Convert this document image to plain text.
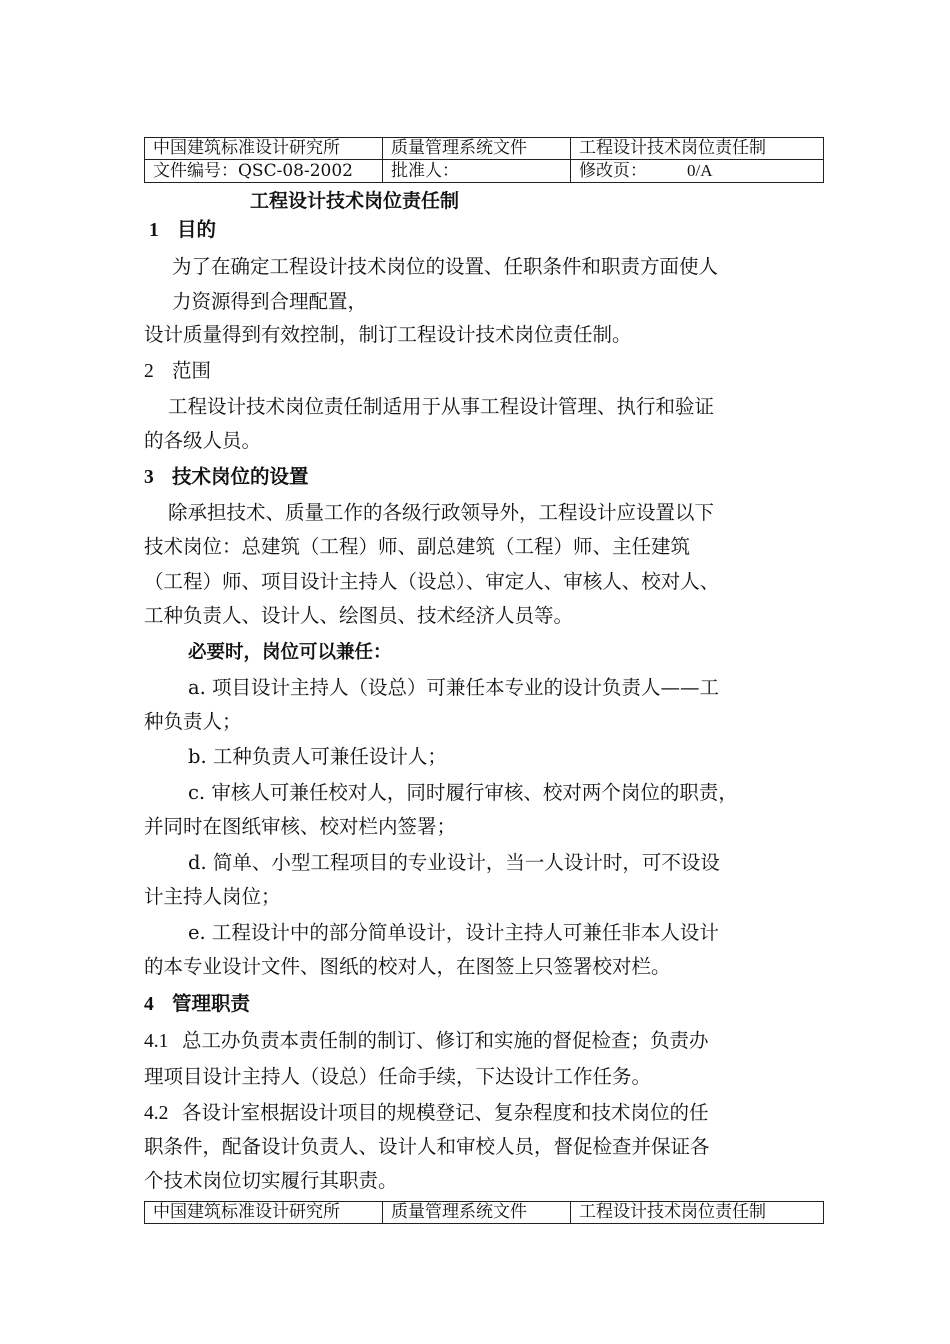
中国建筑标准设计研究所	质量管理系统文件	工程设计技术岗位责任制
文件编号：QSC-08-2002	批准人：	修改页： 0/A
工程设计技术岗位责任制
1 目的
为了在确定工程设计技术岗位的设置、任职条件和职责方面使人
力资源得到合理配置，
设计质量得到有效控制，制订工程设计技术岗位责任制。
2 范围
工程设计技术岗位责任制适用于从事工程设计管理、执行和验证
的各级人员。
3 技术岗位的设置
除承担技术、质量工作的各级行政领导外，工程设计应设置以下
技术岗位：总建筑（工程）师、副总建筑（工程）师、主任建筑
（工程）师、项目设计主持人（设总）、审定人、审核人、校对人、
工种负责人、设计人、绘图员、技术经济人员等。
必要时，岗位可以兼任：
a. 项目设计主持人（设总）可兼任本专业的设计负责人——工
种负责人；
b. 工种负责人可兼任设计人；
c. 审核人可兼任校对人，同时履行审核、校对两个岗位的职责，
并同时在图纸审核、校对栏内签署；
d. 简单、小型工程项目的专业设计，当一人设计时，可不设设
计主持人岗位；
e. 工程设计中的部分简单设计，设计主持人可兼任非本人设计
的本专业设计文件、图纸的校对人，在图签上只签署校对栏。
4 管理职责
4.1 总工办负责本责任制的制订、修订和实施的督促检查；负责办
理项目设计主持人（设总）任命手续，下达设计工作任务。
4.2 各设计室根据设计项目的规模登记、复杂程度和技术岗位的任
职条件，配备设计负责人、设计人和审校人员，督促检查并保证各
个技术岗位切实履行其职责。
中国建筑标准设计研究所	质量管理系统文件	工程设计技术岗位责任制
